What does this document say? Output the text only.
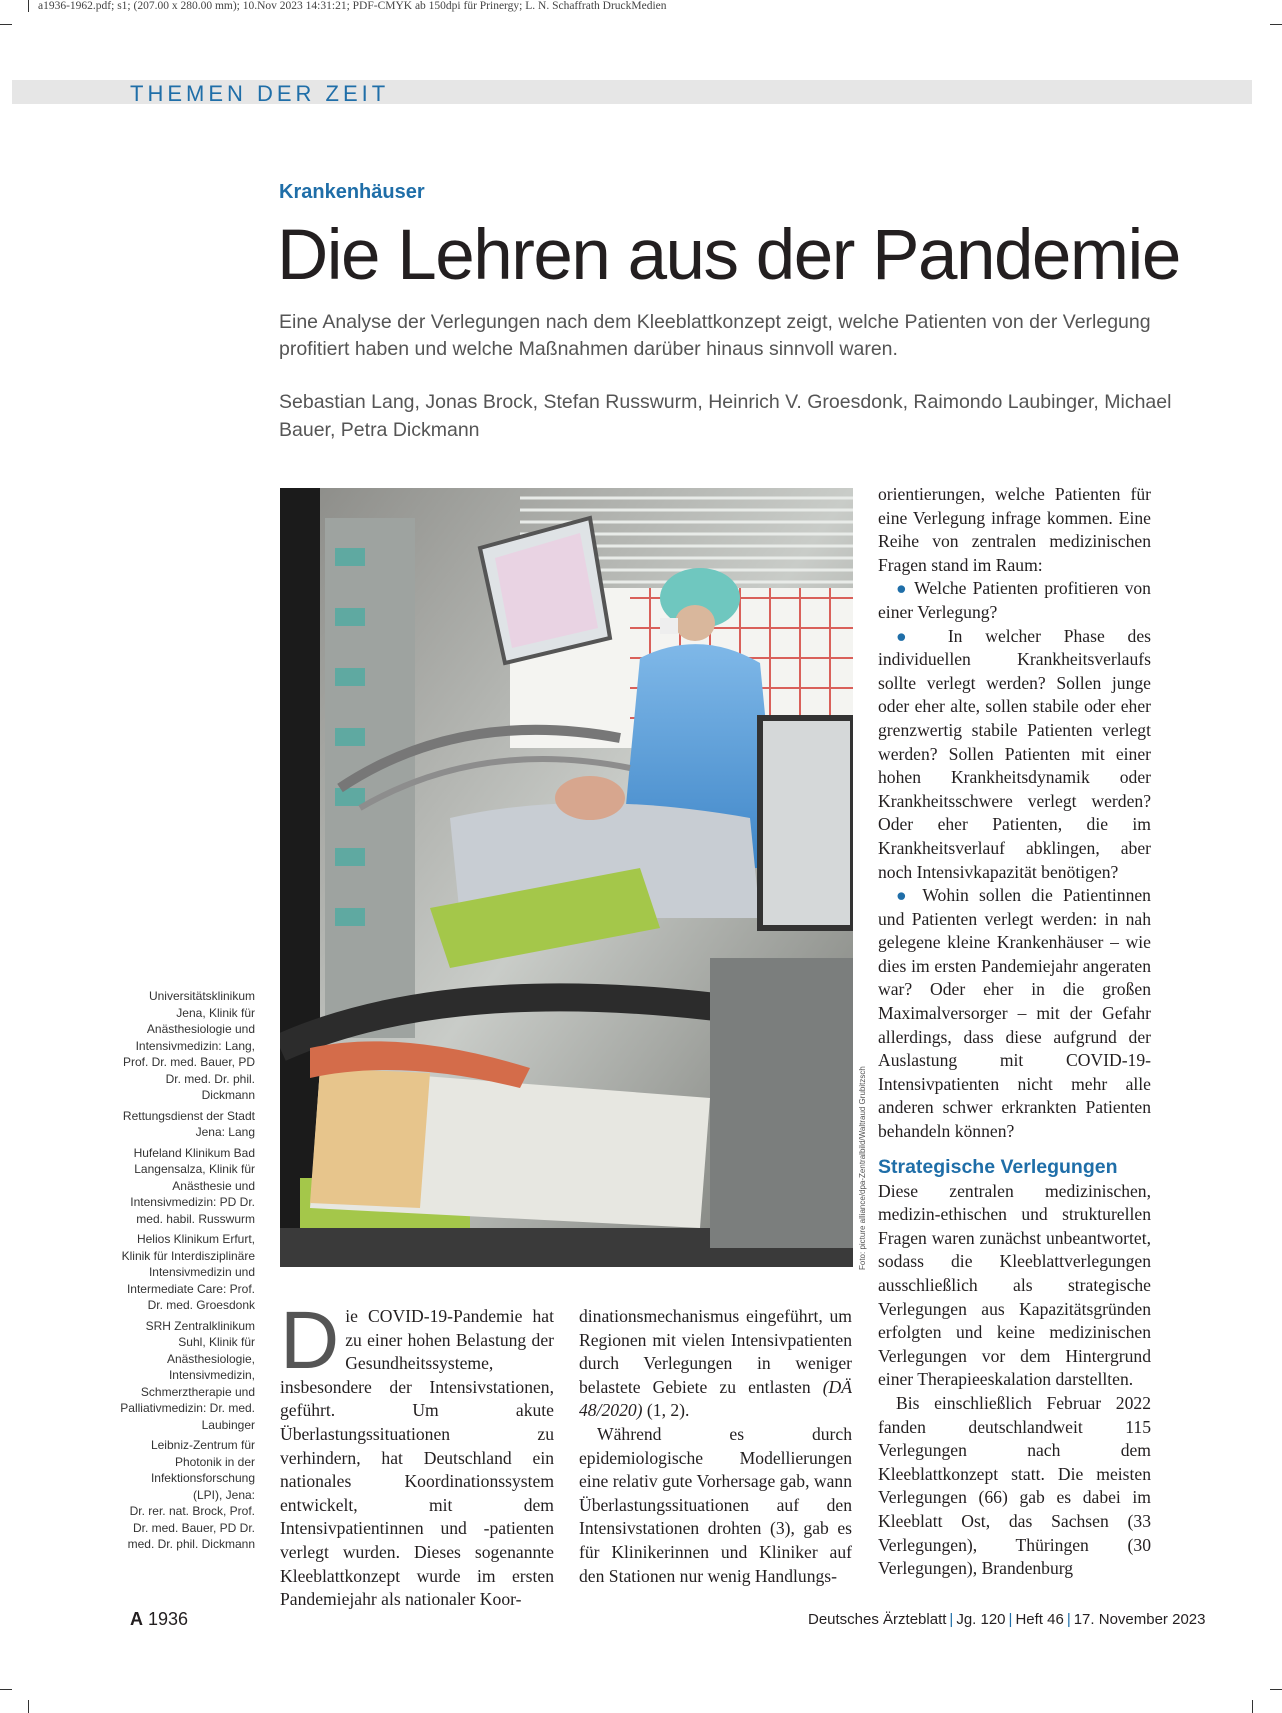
a1936-1962.pdf; s1; (207.00 x 280.00 mm); 10.Nov 2023 14:31:21; PDF-CMYK ab 150dpi für Prinergy; L. N. Schaffrath DruckMedien
THEMEN DER ZEIT
Krankenhäuser
Die Lehren aus der Pandemie
Eine Analyse der Verlegungen nach dem Kleeblattkonzept zeigt, welche Patienten von der Verlegung profitiert haben und welche Maßnahmen darüber hinaus sinnvoll waren.
Sebastian Lang, Jonas Brock, Stefan Russwurm, Heinrich V. Groesdonk, Raimondo Laubinger, Michael Bauer, Petra Dickmann
Foto: picture alliance/dpa-Zentralbild/Waltraud Grubitzsch

Universitätsklinikum Jena, Klinik für Anästhesiologie und Intensivmedizin: Lang, Prof. Dr. med. Bauer, PD Dr. med. Dr. phil. Dickmann

Rettungsdienst der Stadt Jena: Lang

Hufeland Klinikum Bad Langensalza, Klinik für Anästhesie und Intensivmedizin: PD Dr. med. habil. Russwurm

Helios Klinikum Erfurt, Klinik für Interdisziplinäre Intensivmedizin und Intermediate Care: Prof. Dr. med. Groesdonk

SRH Zentralklinikum Suhl, Klinik für Anästhesiologie, Intensivmedizin, Schmerztherapie und Palliativmedizin: Dr. med. Laubinger

Leibniz-Zentrum für Photonik in der Infektionsforschung (LPI), Jena:

Dr. rer. nat. Brock, Prof. Dr. med. Bauer, PD Dr. med. Dr. phil. Dickmann

D ie COVID-19-Pandemie hat zu einer hohen Belastung der Gesundheitssysteme, insbesondere der Intensivstationen, geführt. Um akute Überlastungssituationen zu verhindern, hat Deutschland ein nationales Koordinationssystem entwickelt, mit dem Intensivpatientinnen und -patienten verlegt wurden. Dieses sogenannte Kleeblattkonzept wurde im ersten Pandemiejahr als nationaler Koor-

dinationsmechanismus eingeführt, um Regionen mit vielen Intensivpatienten durch Verlegungen in weniger belastete Gebiete zu entlasten (DÄ 48/2020) (1, 2).

Während es durch epidemiologische Modellierungen eine relativ gute Vorhersage gab, wann Überlastungssituationen auf den Intensivstationen drohten (3), gab es für Klinikerinnen und Kliniker auf den Stationen nur wenig Handlungs-

orientierungen, welche Patienten für eine Verlegung infrage kommen. Eine Reihe von zentralen medizinischen Fragen stand im Raum:

● Welche Patienten profitieren von einer Verlegung?

● In welcher Phase des individuellen Krankheitsverlaufs sollte verlegt werden? Sollen junge oder eher alte, sollen stabile oder eher grenzwertig stabile Patienten verlegt werden? Sollen Patienten mit einer hohen Krankheitsdynamik oder Krankheitsschwere verlegt werden? Oder eher Patienten, die im Krankheitsverlauf abklingen, aber noch Intensivkapazität benötigen?

● Wohin sollen die Patientinnen und Patienten verlegt werden: in nah gelegene kleine Krankenhäuser – wie dies im ersten Pandemiejahr angeraten war? Oder eher in die großen Maximalversorger – mit der Gefahr allerdings, dass diese aufgrund der Auslastung mit COVID-19-Intensivpatienten nicht mehr alle anderen schwer erkrankten Patienten behandeln können?

Strategische Verlegungen

Diese zentralen medizinischen, medizin-ethischen und strukturellen Fragen waren zunächst unbeantwortet, sodass die Kleeblattverlegungen ausschließlich als strategische Verlegungen aus Kapazitätsgründen erfolgten und keine medizinischen Verlegungen vor dem Hintergrund einer Therapieeskalation darstellten.

Bis einschließlich Februar 2022 fanden deutschlandweit 115 Verlegungen nach dem Kleeblattkonzept statt. Die meisten Verlegungen (66) gab es dabei im Kleeblatt Ost, das Sachsen (33 Verlegungen), Thüringen (30 Verlegungen), Brandenburg

A 1936	Deutsches Ärzteblatt | Jg. 120 | Heft 46 | 17. November 2023
